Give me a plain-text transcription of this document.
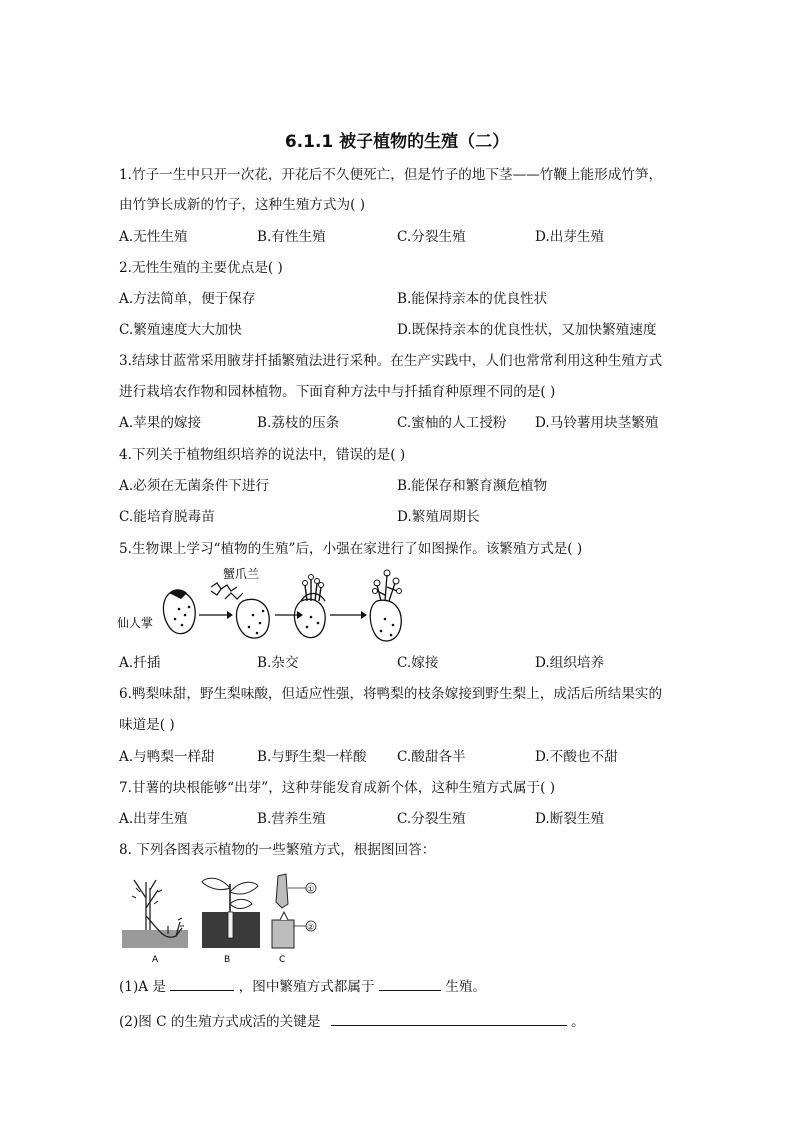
6.1.1 被子植物的生殖（二）
1.竹子一生中只开一次花，开花后不久便死亡，但是竹子的地下茎——竹鞭上能形成竹笋，
由竹笋长成新的竹子，这种生殖方式为( )
A.无性生殖	B.有性生殖	C.分裂生殖	D.出芽生殖
2.无性生殖的主要优点是( )
A.方法简单，便于保存	B.能保持亲本的优良性状
C.繁殖速度大大加快	D.既保持亲本的优良性状，又加快繁殖速度
3.结球甘蓝常采用腋芽扦插繁殖法进行采种。在生产实践中，人们也常常利用这种生殖方式
进行栽培农作物和园林植物。下面育种方法中与扦插育种原理不同的是( )
A.苹果的嫁接	B.荔枝的压条	C.蜜柚的人工授粉 D.马铃薯用块茎繁殖
4.下列关于植物组织培养的说法中，错误的是( )
A.必须在无菌条件下进行	B.能保存和繁育濒危植物
C.能培育脱毒苗	D.繁殖周期长
5.生物课上学习“植物的生殖”后，小强在家进行了如图操作。该繁殖方式是( )
蟹爪兰
仙人掌
A.扦插	B.杂交	C.嫁接	D.组织培养
6.鸭梨味甜，野生梨味酸，但适应性强，将鸭梨的枝条嫁接到野生梨上，成活后所结果实的
味道是( )
A.与鸭梨一样甜	B.与野生梨一样酸 C.酸甜各半	D.不酸也不甜
7.甘薯的块根能够“出芽”，这种芽能发育成新个体，这种生殖方式属于( )
A.出芽生殖	B.营养生殖	C.分裂生殖	D.断裂生殖
8. 下列各图表示植物的一些繁殖方式，根据图回答：
A	B
①
②
C
(1)A 是	，图中繁殖方式都属于	生殖。
(2)图 C 的生殖方式成活的关键是	。
